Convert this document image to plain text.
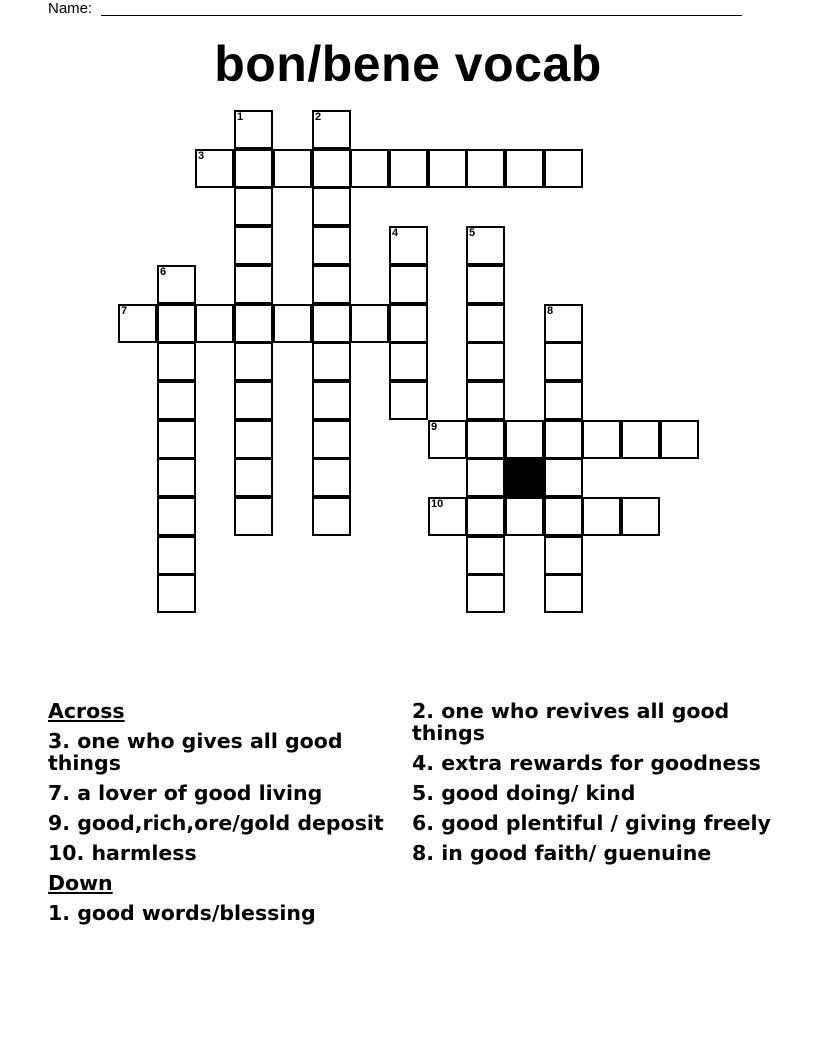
Name:
bon/bene vocab
1	2
3
4	5
6
7	8
9
10
Across
3. one who gives all good things
7. a lover of good living
9. good,rich,ore/gold deposit
10. harmless
Down
1. good words/blessing
2. one who revives all good things
4. extra rewards for goodness
5. good doing/ kind
6. good plentiful / giving freely
8. in good faith/ guenuine
